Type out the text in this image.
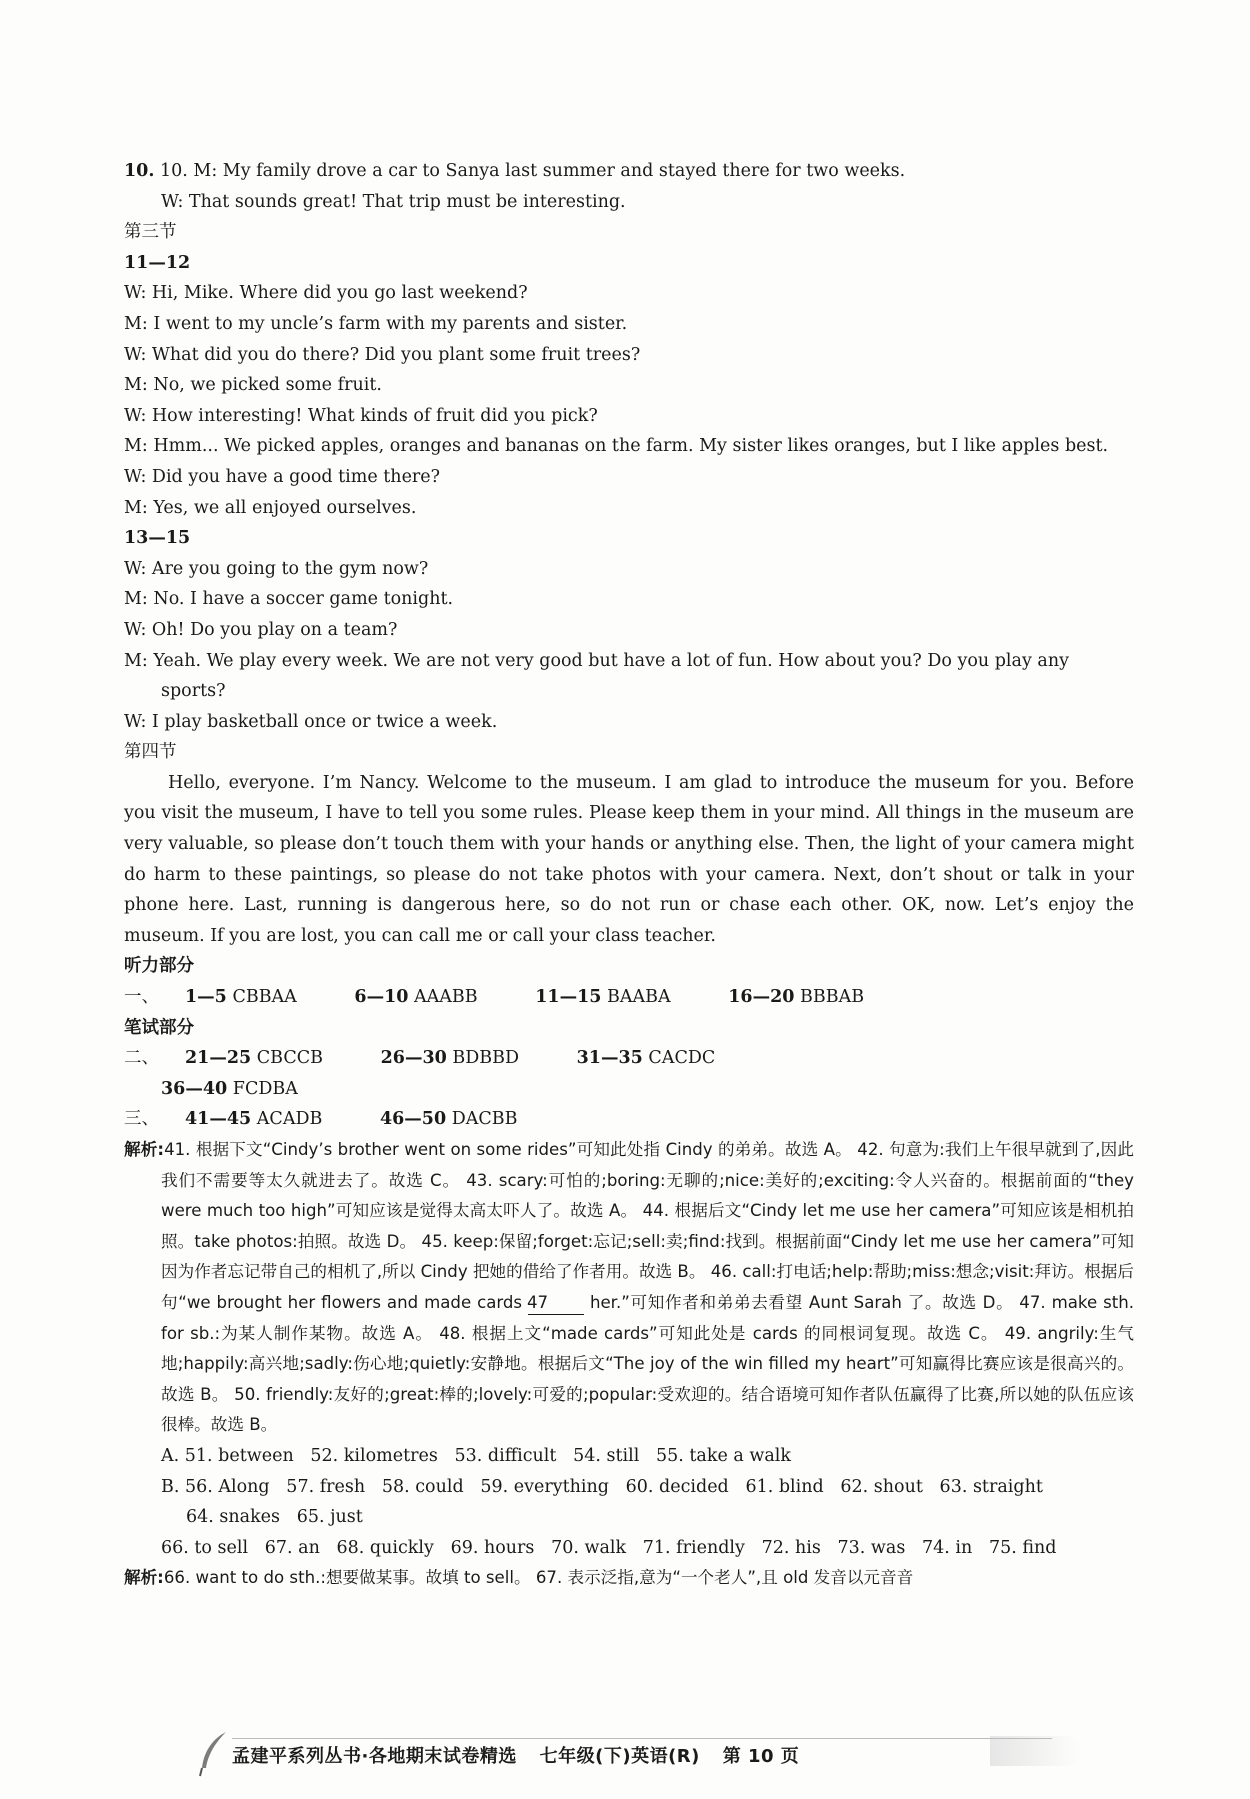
10. 10. M: My family drove a car to Sanya last summer and stayed there for two weeks.
W: That sounds great! That trip must be interesting.
第三节
11—12
W: Hi, Mike. Where did you go last weekend?
M: I went to my uncle’s farm with my parents and sister.
W: What did you do there? Did you plant some fruit trees?
M: No, we picked some fruit.
W: How interesting! What kinds of fruit did you pick?
M: Hmm... We picked apples, oranges and bananas on the farm. My sister likes oranges, but I like apples best.
W: Did you have a good time there?
M: Yes, we all enjoyed ourselves.
13—15
W: Are you going to the gym now?
M: No. I have a soccer game tonight.
W: Oh! Do you play on a team?
M: Yeah. We play every week. We are not very good but have a lot of fun. How about you? Do you play any sports?
W: I play basketball once or twice a week.
第四节
Hello, everyone. I’m Nancy. Welcome to the museum. I am glad to introduce the museum for you. Before you visit the museum, I have to tell you some rules. Please keep them in your mind. All things in the museum are very valuable, so please don’t touch them with your hands or anything else. Then, the light of your camera might do harm to these paintings, so please do not take photos with your camera. Next, don’t shout or talk in your phone here. Last, running is dangerous here, so do not run or chase each other. OK, now. Let’s enjoy the museum. If you are lost, you can call me or call your class teacher.
听力部分
一、 1—5 CBBAA	6—10 AAABB	11—15 BAABA	16—20 BBBAB
笔试部分
二、 21—25 CBCCB	26—30 BDBBD	31—35 CACDC
36—40 FCDBA
三、 41—45 ACADB	46—50 DACBB
解析:41. 根据下文“Cindy’s brother went on some rides”可知此处指 Cindy 的弟弟。故选 A。 42. 句意为:我们上午很早就到了,因此我们不需要等太久就进去了。故选 C。 43. scary:可怕的;boring:无聊的;nice:美好的;exciting:令人兴奋的。根据前面的“they were much too high”可知应该是觉得太高太吓人了。故选 A。 44. 根据后文“Cindy let me use her camera”可知应该是相机拍照。take photos:拍照。故选 D。 45. keep:保留;forget:忘记;sell:卖;find:找到。根据前面“Cindy let me use her camera”可知因为作者忘记带自己的相机了,所以 Cindy 把她的借给了作者用。故选 B。 46. call:打电话;help:帮助;miss:想念;visit:拜访。根据后句“we brought her flowers and made cards 47	her.”可知作者和弟弟去看望 Aunt Sarah 了。故选 D。 47. make sth. for sb.:为某人制作某物。故选 A。 48. 根据上文“made cards”可知此处是 cards 的同根词复现。故选 C。 49. angrily:生气地;happily:高兴地;sadly:伤心地;quietly:安静地。根据后文“The joy of the win filled my heart”可知赢得比赛应该是很高兴的。故选 B。 50. friendly:友好的;great:棒的;lovely:可爱的;popular:受欢迎的。结合语境可知作者队伍赢得了比赛,所以她的队伍应该很棒。故选 B。
A. 51. between   52. kilometres   53. difficult   54. still   55. take a walk
B. 56. Along   57. fresh   58. could   59. everything   60. decided   61. blind   62. shout   63. straight
64. snakes   65. just
66. to sell   67. an   68. quickly   69. hours   70. walk   71. friendly   72. his   73. was   74. in   75. find
解析:66. want to do sth.:想要做某事。故填 to sell。 67. 表示泛指,意为“一个老人”,且 old 发音以元音音
孟建平系列丛书·各地期末试卷精选 七年级(下)英语(R) 第 10 页
